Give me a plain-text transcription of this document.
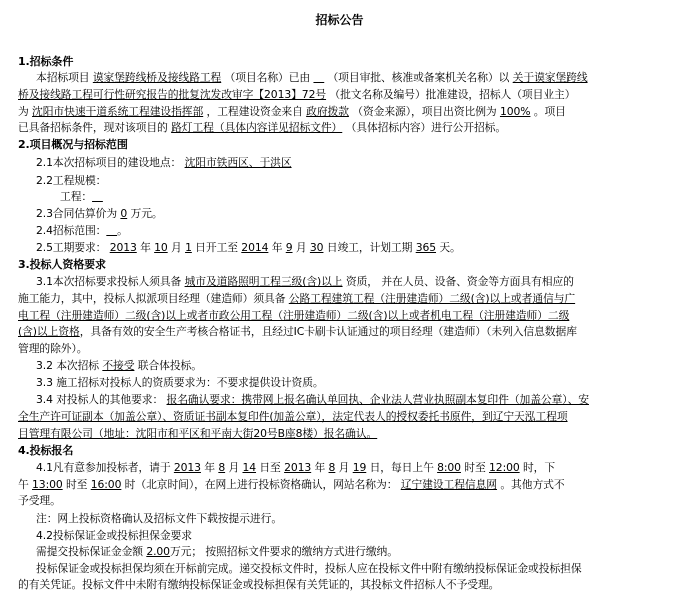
招标公告
1.招标条件
本招标项目 谟家堡跨线桥及接线路工程 （项目名称）已由 ＿ （项目审批、核准或备案机关名称）以 关于谟家堡跨线
桥及接线路工程可行性研究报告的批复沈发改审字【2013】72号 （批文名称及编号）批准建设，招标人（项目业主）
为 沈阳市快速干道系统工程建设指挥部 ，工程建设资金来自 政府拨款 （资金来源），项目出资比例为 100% 。项目
已具备招标条件，现对该项目的 路灯工程（具体内容详见招标文件） （具体招标内容）进行公开招标。
2.项目概况与招标范围
2.1本次招标项目的建设地点： 沈阳市铁西区、于洪区
2.2工程规模：
工程：＿
2.3合同估算价为 0 万元。
2.4招标范围：＿。
2.5工期要求： 2013 年 10 月 1 日开工至 2014 年 9 月 30 日竣工，计划工期 365 天。
3.投标人资格要求
3.1本次招标要求投标人须具备 城市及道路照明工程三级(含)以上 资质， 并在人员、设备、资金等方面具有相应的
施工能力，其中，投标人拟派项目经理（建造师）须具备 公路工程建筑工程（注册建造师）二级(含)以上或者通信与广
电工程（注册建造师）二级(含)以上或者市政公用工程（注册建造师）二级(含)以上或者机电工程（注册建造师）二级
(含)以上资格，具备有效的安全生产考核合格证书，且经过IC卡刷卡认证通过的项目经理（建造师）（未列入信息数据库
管理的除外）。
3.2 本次招标 不接受 联合体投标。
3.3 施工招标对投标人的资质要求为：不要求提供设计资质。
3.4 对投标人的其他要求： 报名确认要求：携带网上报名确认单回执、企业法人营业执照副本复印件（加盖公章）、安
全生产许可证副本（加盖公章）、资质证书副本复印件(加盖公章），法定代表人的授权委托书原件，到辽宁天泓工程项
目管理有限公司（地址：沈阳市和平区和平南大街20号B座8楼）报名确认。
4.投标报名
4.1凡有意参加投标者，请于 2013 年 8 月 14 日至 2013 年 8 月 19 日，每日上午 8:00 时至 12:00 时，下
午 13:00 时至 16:00 时（北京时间），在网上进行投标资格确认，网站名称为： 辽宁建设工程信息网 。其他方式不
予受理。
注：网上投标资格确认及招标文件下载按提示进行。
4.2投标保证金或投标担保金要求
需提交投标保证金金额 2.00万元； 按照招标文件要求的缴纳方式进行缴纳。
投标保证金或投标担保均须在开标前完成。递交投标文件时，投标人应在投标文件中附有缴纳投标保证金或投标担保
的有关凭证。投标文件中未附有缴纳投标保证金或投标担保有关凭证的，其投标文件招标人不予受理。
